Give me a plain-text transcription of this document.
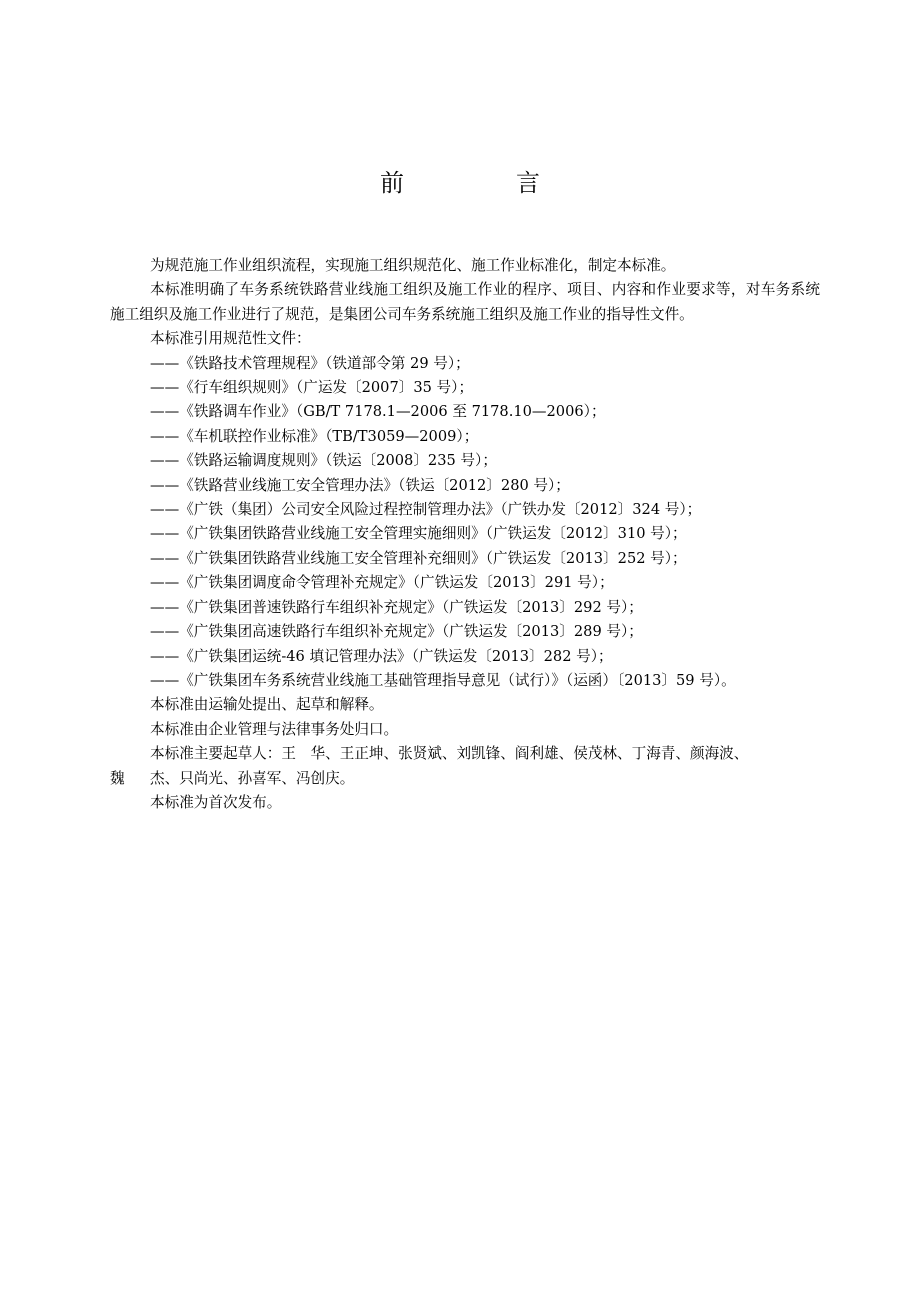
前　言

为规范施工作业组织流程，实现施工组织规范化、施工作业标准化，制定本标准。

本标准明确了车务系统铁路营业线施工组织及施工作业的程序、项目、内容和作业要求等，对车务系统施工组织及施工作业进行了规范，是集团公司车务系统施工组织及施工作业的指导性文件。

本标准引用规范性文件：

——《铁路技术管理规程》（铁道部令第 29 号）；

——《行车组织规则》（广运发〔2007〕35 号）；

——《铁路调车作业》（GB/T 7178.1—2006 至 7178.10—2006）；

——《车机联控作业标准》（TB/T3059—2009）；

——《铁路运输调度规则》（铁运〔2008〕235 号）；

——《铁路营业线施工安全管理办法》（铁运〔2012〕280 号）；

——《广铁（集团）公司安全风险过程控制管理办法》（广铁办发〔2012〕324 号）；

——《广铁集团铁路营业线施工安全管理实施细则》（广铁运发〔2012〕310 号）；

——《广铁集团铁路营业线施工安全管理补充细则》（广铁运发〔2013〕252 号）；

——《广铁集团调度命令管理补充规定》（广铁运发〔2013〕291 号）；

——《广铁集团普速铁路行车组织补充规定》（广铁运发〔2013〕292 号）；

——《广铁集团高速铁路行车组织补充规定》（广铁运发〔2013〕289 号）；

——《广铁集团运统-46 填记管理办法》（广铁运发〔2013〕282 号）；

——《广铁集团车务系统营业线施工基础管理指导意见（试行）》（运函）〔2013〕59 号）。

本标准由运输处提出、起草和解释。

本标准由企业管理与法律事务处归口。

本标准主要起草人：王　华、王正坤、张贤斌、刘凯锋、阎利雄、侯茂林、丁海青、颜海波、
魏 杰、只尚光、孙喜军、冯创庆。

本标准为首次发布。
